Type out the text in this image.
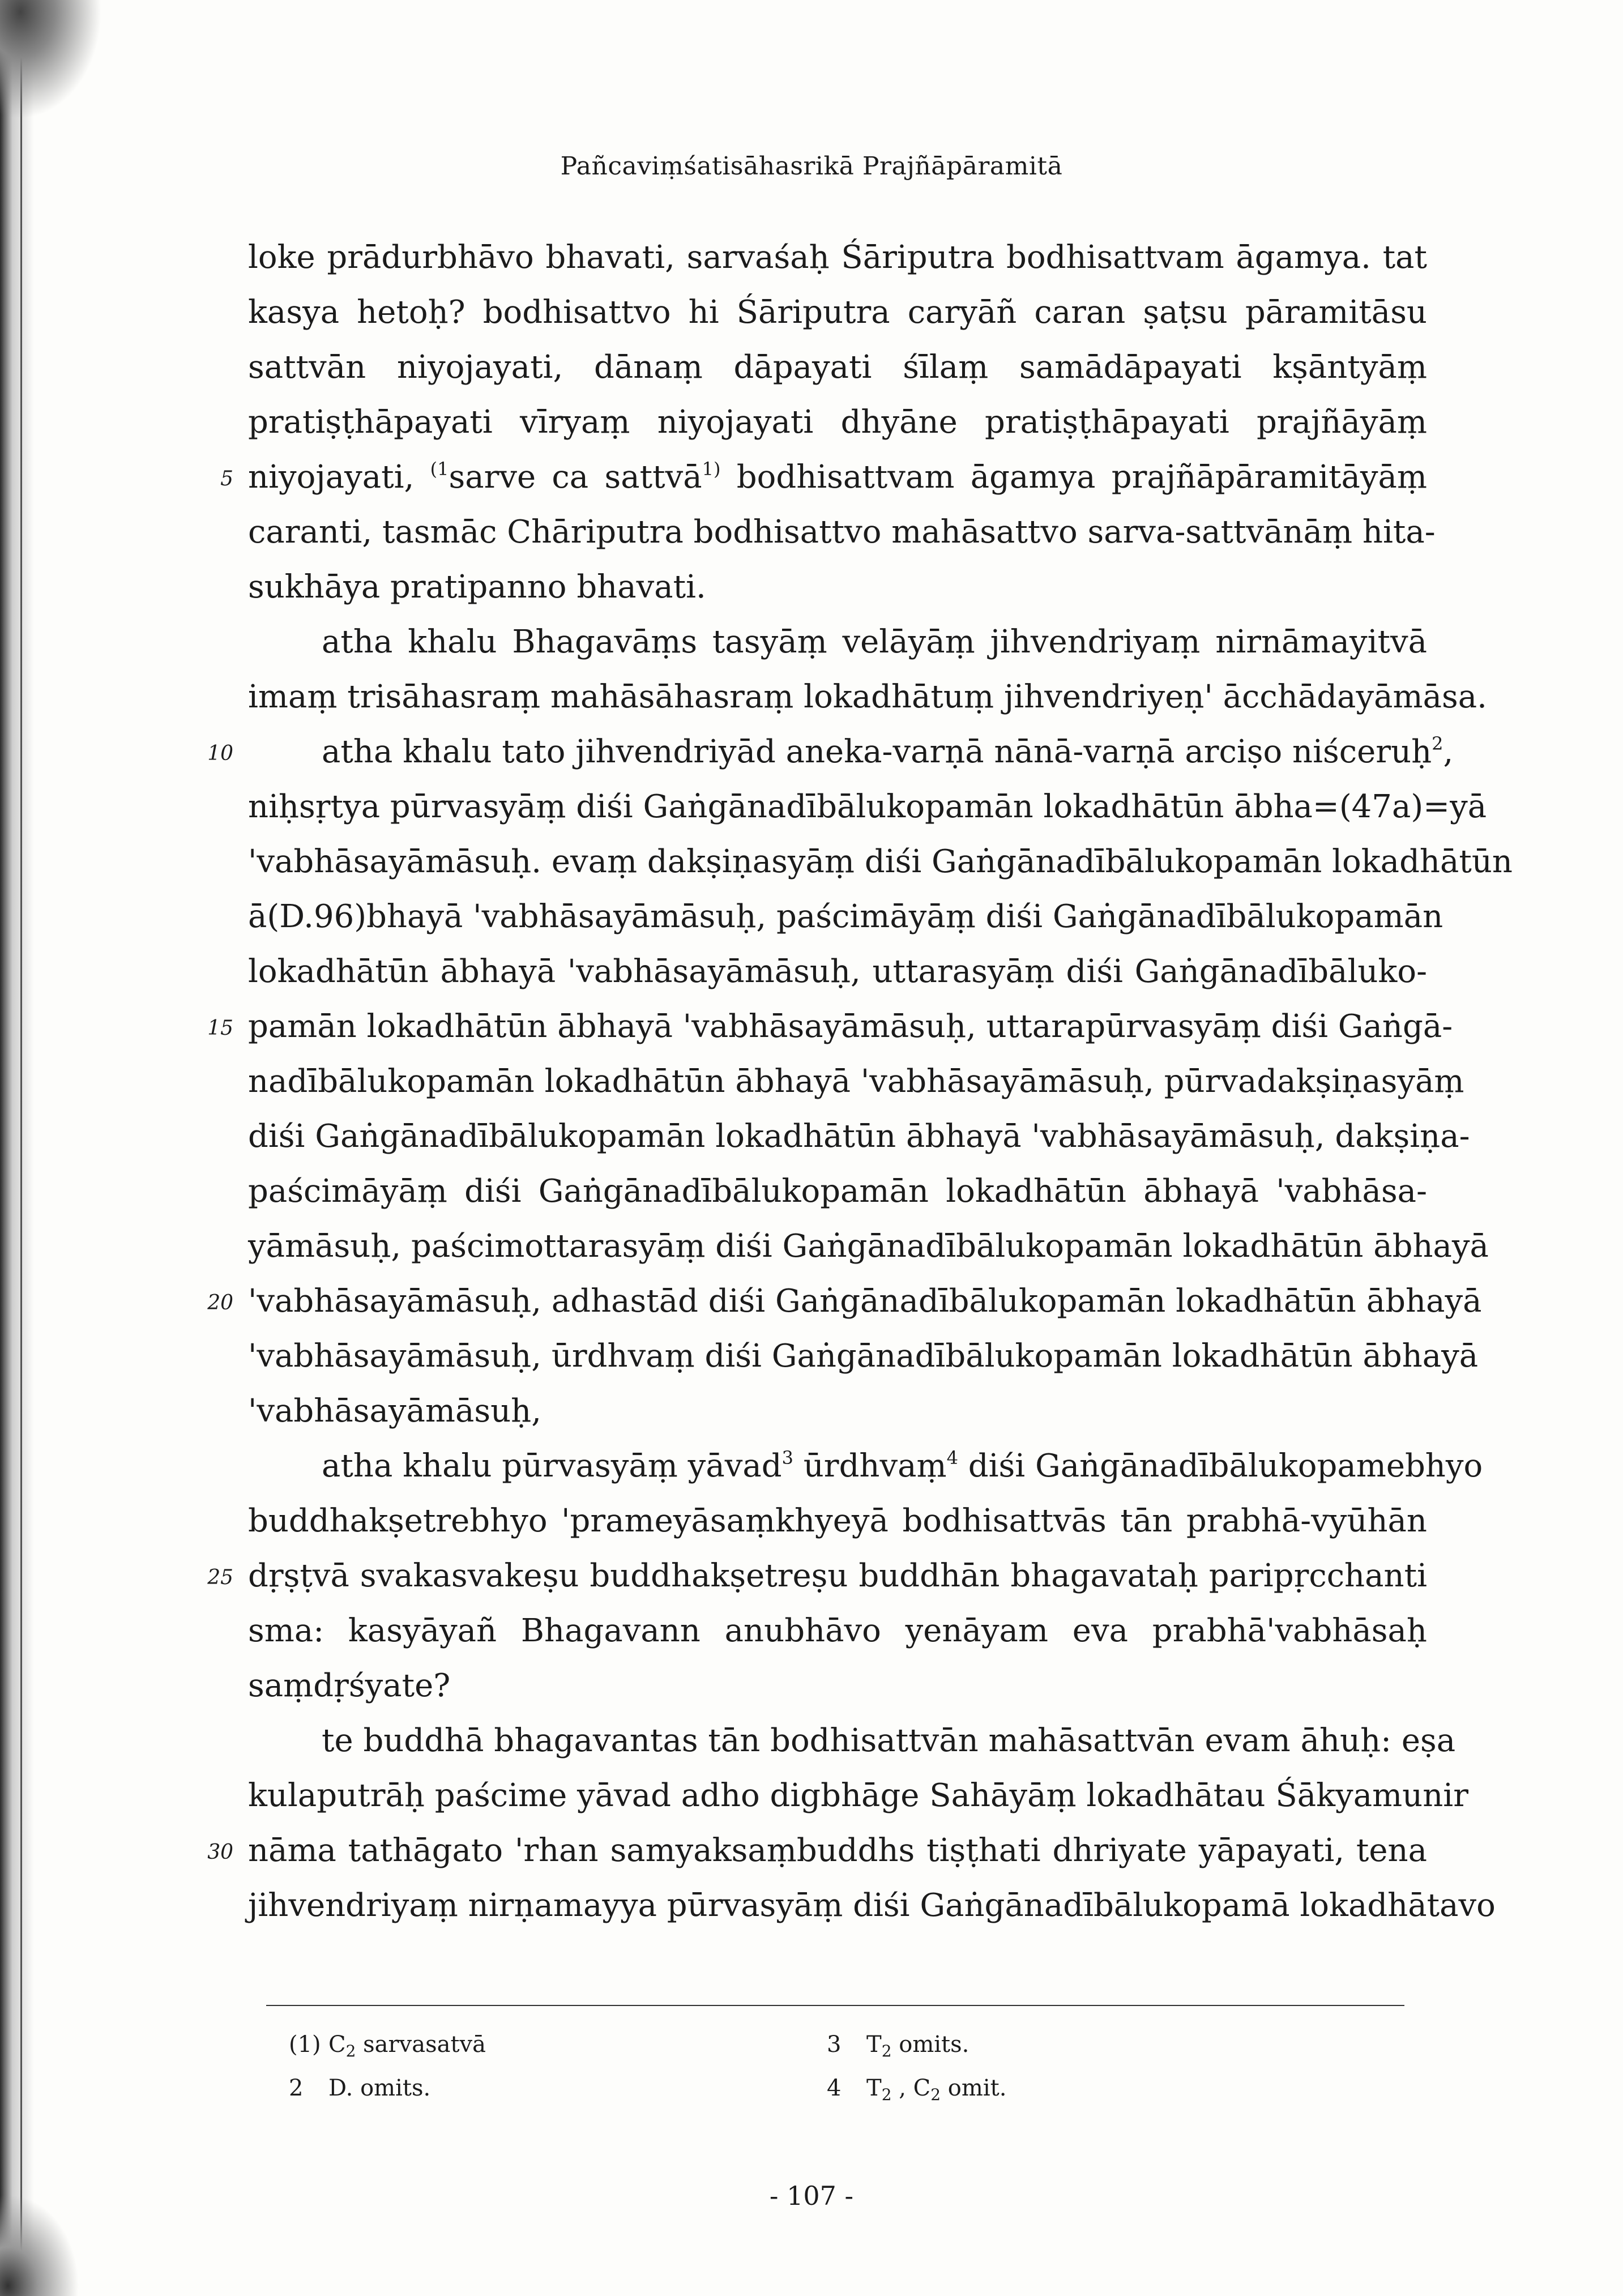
Pañcaviṃśatisāhasrikā Prajñāpāramitā
loke prādurbhāvo bhavati, sarvaśaḥ Śāriputra bodhisattvam āgamya. tat
kasya hetoḥ? bodhisattvo hi Śāriputra caryāñ caran ṣaṭsu pāramitāsu
sattvān niyojayati, dānaṃ dāpayati śīlaṃ samādāpayati kṣāntyāṃ
pratiṣṭhāpayati vīryaṃ niyojayati dhyāne pratiṣṭhāpayati prajñāyāṃ
5 niyojayati, $^{(1}$sarve ca sattvā$^{1)}$ bodhisattvam āgamya prajñāpāramitāyāṃ
caranti, tasmāc Chāriputra bodhisattvo mahāsattvo sarva-sattvānāṃ hita-
sukhāya pratipanno bhavati.
atha khalu Bhagavāṃs tasyāṃ velāyāṃ jihvendriyaṃ nirnāmayitvā
imaṃ trisāhasraṃ mahāsāhasraṃ lokadhātuṃ jihvendriyeṇ' ācchādayāmāsa.
10	atha khalu tato jihvendriyād aneka-varṇā nānā-varṇā arciṣo niśceruḥ$^2$,
niḥsṛtya pūrvasyāṃ diśi Gaṅgānadībālukopamān lokadhātūn ābha=(47a)=yā
'vabhāsayāmāsuḥ. evaṃ dakṣiṇasyāṃ diśi Gaṅgānadībālukopamān lokadhātūn
ā(D.96)bhayā 'vabhāsayāmāsuḥ, paścimāyāṃ diśi Gaṅgānadībālukopamān
lokadhātūn ābhayā 'vabhāsayāmāsuḥ, uttarasyāṃ diśi Gaṅgānadībāluko-
15 pamān lokadhātūn ābhayā 'vabhāsayāmāsuḥ, uttarapūrvasyāṃ diśi Gaṅgā-
nadībālukopamān lokadhātūn ābhayā 'vabhāsayāmāsuḥ, pūrvadakṣiṇasyāṃ
diśi Gaṅgānadībālukopamān lokadhātūn ābhayā 'vabhāsayāmāsuḥ, dakṣiṇa-
paścimāyāṃ diśi Gaṅgānadībālukopamān lokadhātūn ābhayā 'vabhāsa-
yāmāsuḥ, paścimottarasyāṃ diśi Gaṅgānadībālukopamān lokadhātūn ābhayā
20 'vabhāsayāmāsuḥ, adhastād diśi Gaṅgānadībālukopamān lokadhātūn ābhayā
'vabhāsayāmāsuḥ, ūrdhvaṃ diśi Gaṅgānadībālukopamān lokadhātūn ābhayā
'vabhāsayāmāsuḥ,
atha khalu pūrvasyāṃ yāvad$^3$ ūrdhvaṃ$^4$ diśi Gaṅgānadībālukopamebhyo
buddhakṣetrebhyo 'prameyāsaṃkhyeyā bodhisattvās tān prabhā-vyūhān
25 dṛṣṭvā svakasvakeṣu buddhakṣetreṣu buddhān bhagavataḥ paripṛcchanti
sma: kasyāyañ Bhagavann anubhāvo yenāyam eva prabhā'vabhāsaḥ
saṃdṛśyate?
te buddhā bhagavantas tān bodhisattvān mahāsattvān evam āhuḥ: eṣa
kulaputrāḥ paścime yāvad adho digbhāge Sahāyāṃ lokadhātau Śākyamunir
30 nāma tathāgato 'rhan samyaksaṃbuddhs tiṣṭhati dhriyate yāpayati, tena
jihvendriyaṃ nirṇamayya pūrvasyāṃ diśi Gaṅgānadībālukopamā lokadhātavo
(1) $C_2$ sarvasatvā	3 $T_2$ omits.
2 D. omits.	4 $T_2$ , $C_2$ omit.
- 107 -
